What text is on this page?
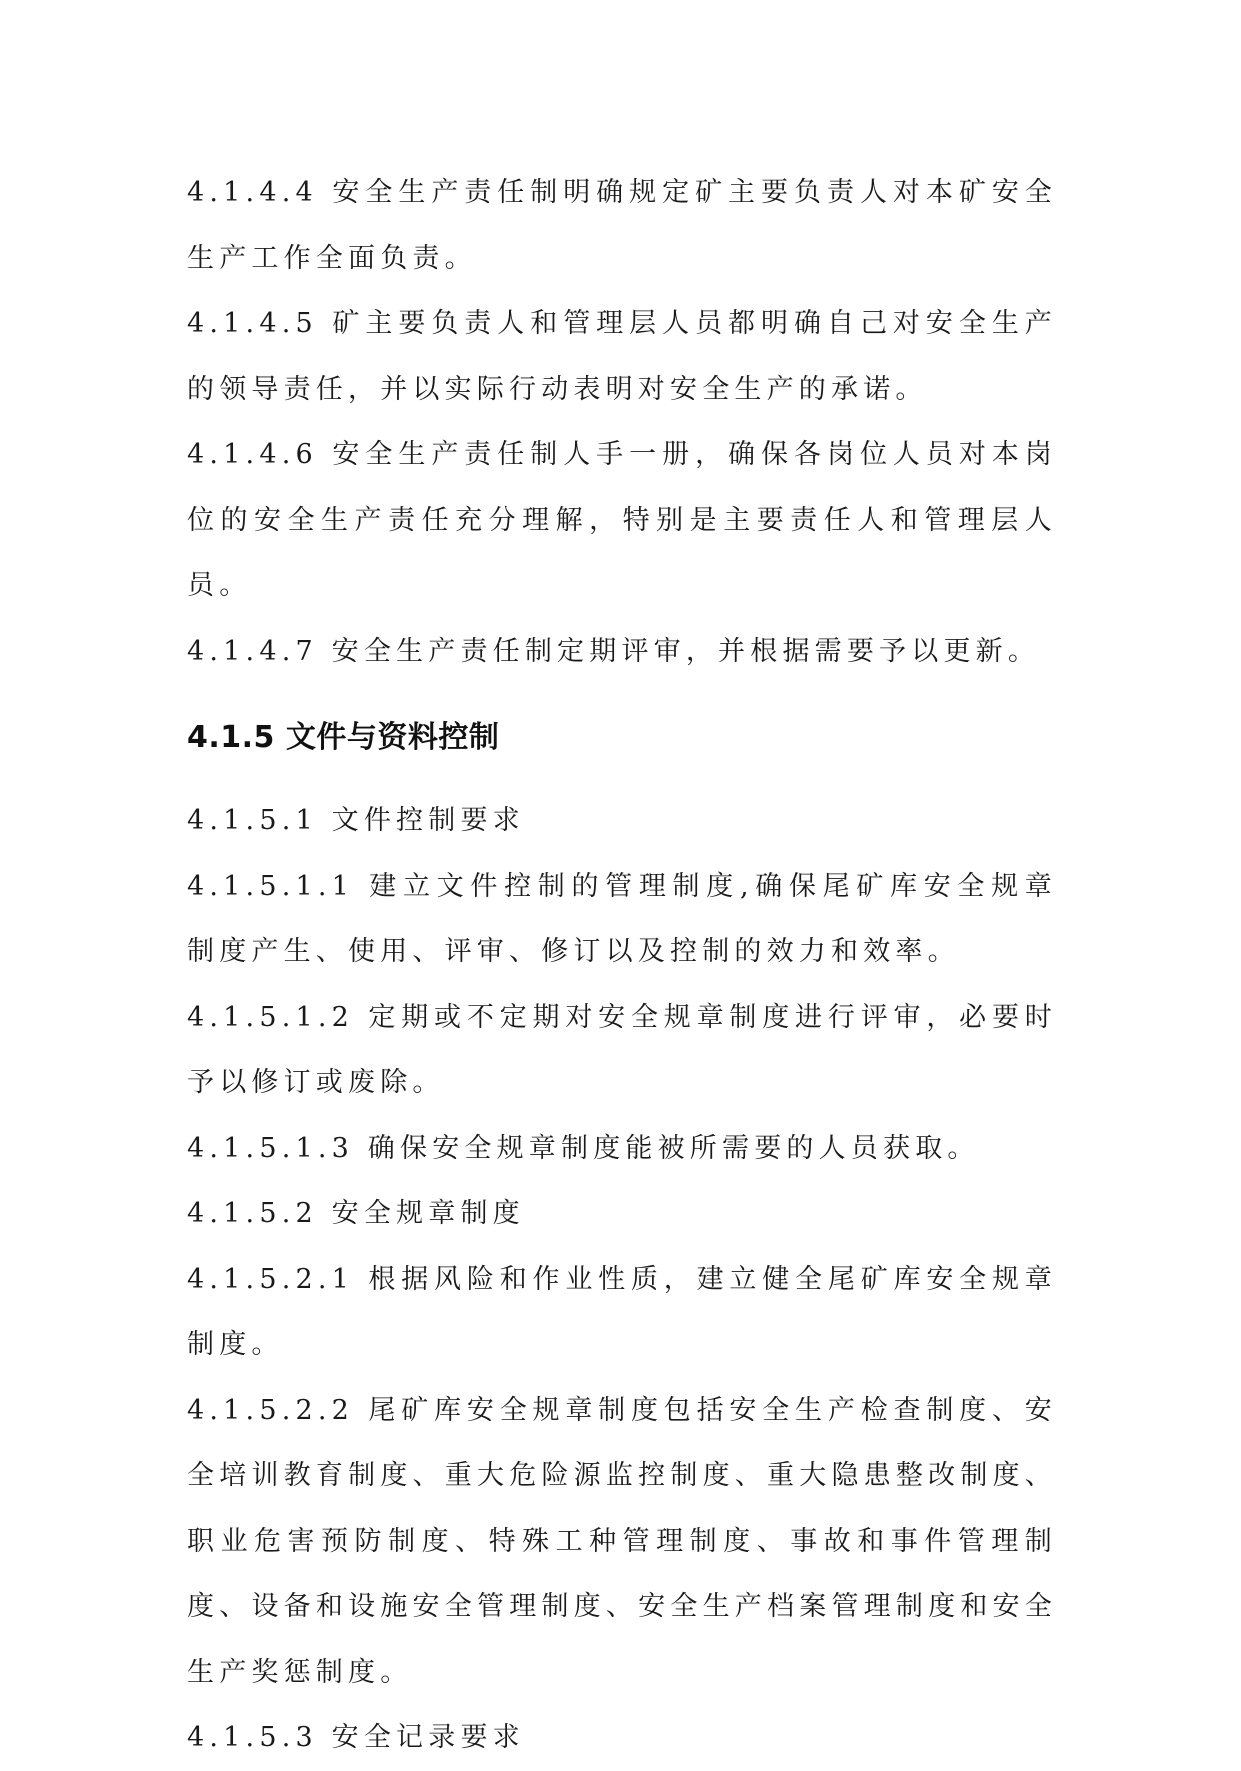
4.1.4.4 安全生产责任制明确规定矿主要负责人对本矿安全生产工作全面负责。

4.1.4.5 矿主要负责人和管理层人员都明确自己对安全生产的领导责任，并以实际行动表明对安全生产的承诺。

4.1.4.6 安全生产责任制人手一册，确保各岗位人员对本岗位的安全生产责任充分理解，特别是主要责任人和管理层人员。

4.1.4.7 安全生产责任制定期评审，并根据需要予以更新。

4.1.5 文件与资料控制

4.1.5.1 文件控制要求

4.1.5.1.1 建立文件控制的管理制度,确保尾矿库安全规章制度产生、使用、评审、修订以及控制的效力和效率。

4.1.5.1.2 定期或不定期对安全规章制度进行评审，必要时予以修订或废除。

4.1.5.1.3 确保安全规章制度能被所需要的人员获取。

4.1.5.2 安全规章制度

4.1.5.2.1 根据风险和作业性质，建立健全尾矿库安全规章制度。

4.1.5.2.2 尾矿库安全规章制度包括安全生产检查制度、安全培训教育制度、重大危险源监控制度、重大隐患整改制度、职业危害预防制度、特殊工种管理制度、事故和事件管理制度、设备和设施安全管理制度、安全生产档案管理制度和安全生产奖惩制度。

4.1.5.3 安全记录要求
